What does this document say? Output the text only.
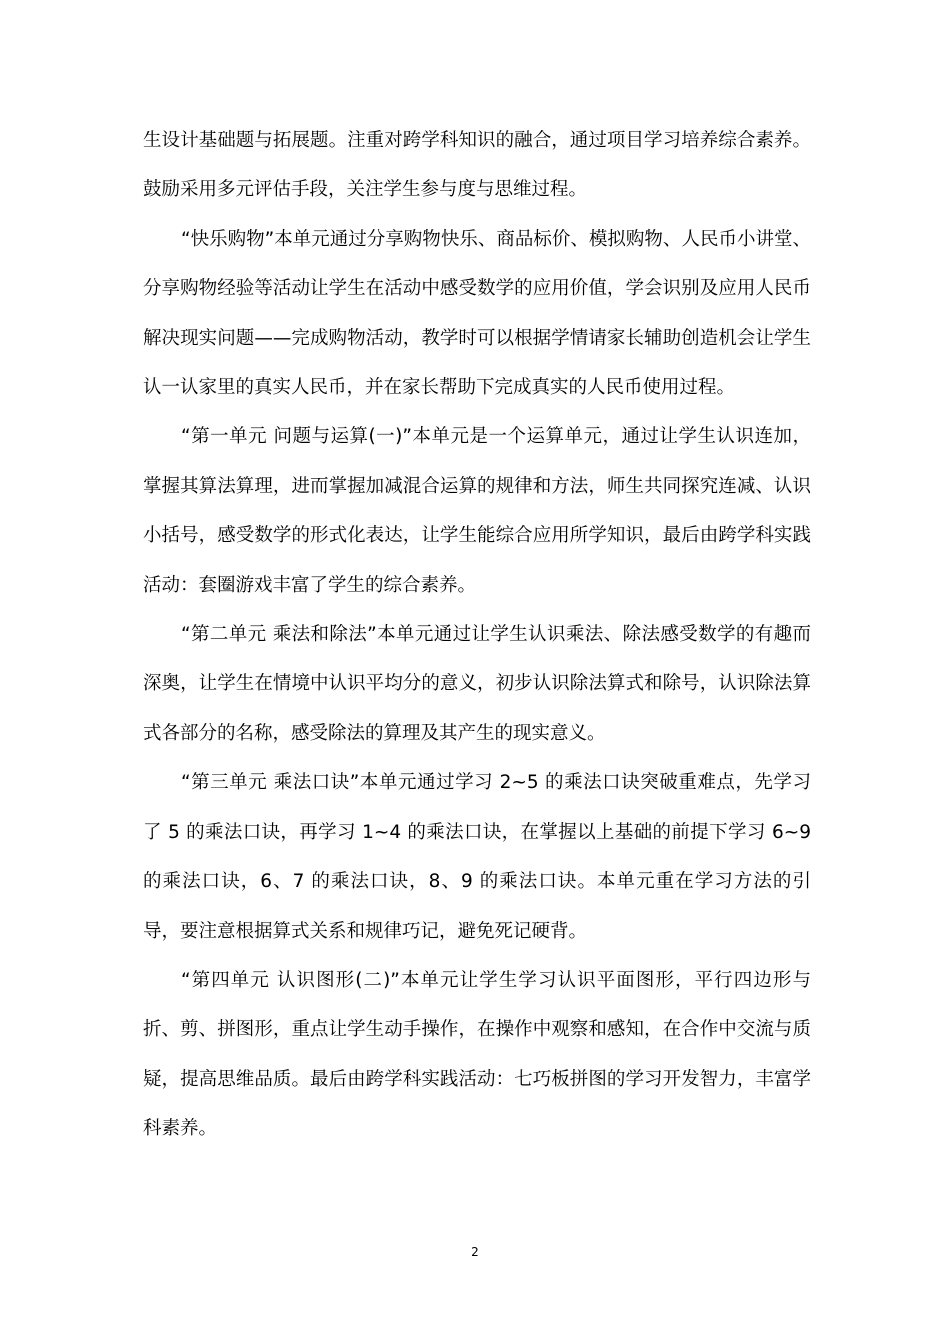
生设计基础题与拓展题。注重对跨学科知识的融合，通过项目学习培养综合素养。鼓励采用多元评估手段，关注学生参与度与思维过程。

“快乐购物”本单元通过分享购物快乐、商品标价、模拟购物、人民币小讲堂、分享购物经验等活动让学生在活动中感受数学的应用价值，学会识别及应用人民币解决现实问题——完成购物活动，教学时可以根据学情请家长辅助创造机会让学生认一认家里的真实人民币，并在家长帮助下完成真实的人民币使用过程。

“第一单元 问题与运算(一)”本单元是一个运算单元，通过让学生认识连加，掌握其算法算理，进而掌握加减混合运算的规律和方法，师生共同探究连减、认识小括号，感受数学的形式化表达，让学生能综合应用所学知识，最后由跨学科实践活动：套圈游戏丰富了学生的综合素养。

“第二单元 乘法和除法”本单元通过让学生认识乘法、除法感受数学的有趣而深奥，让学生在情境中认识平均分的意义，初步认识除法算式和除号，认识除法算式各部分的名称，感受除法的算理及其产生的现实意义。

“第三单元 乘法口诀”本单元通过学习 2~5 的乘法口诀突破重难点，先学习了 5 的乘法口诀，再学习 1~4 的乘法口诀，在掌握以上基础的前提下学习 6~9 的乘法口诀，6、7 的乘法口诀，8、9 的乘法口诀。本单元重在学习方法的引导，要注意根据算式关系和规律巧记，避免死记硬背。

“第四单元 认识图形(二)”本单元让学生学习认识平面图形，平行四边形与折、剪、拼图形，重点让学生动手操作，在操作中观察和感知，在合作中交流与质疑，提高思维品质。最后由跨学科实践活动：七巧板拼图的学习开发智力，丰富学科素养。

2
